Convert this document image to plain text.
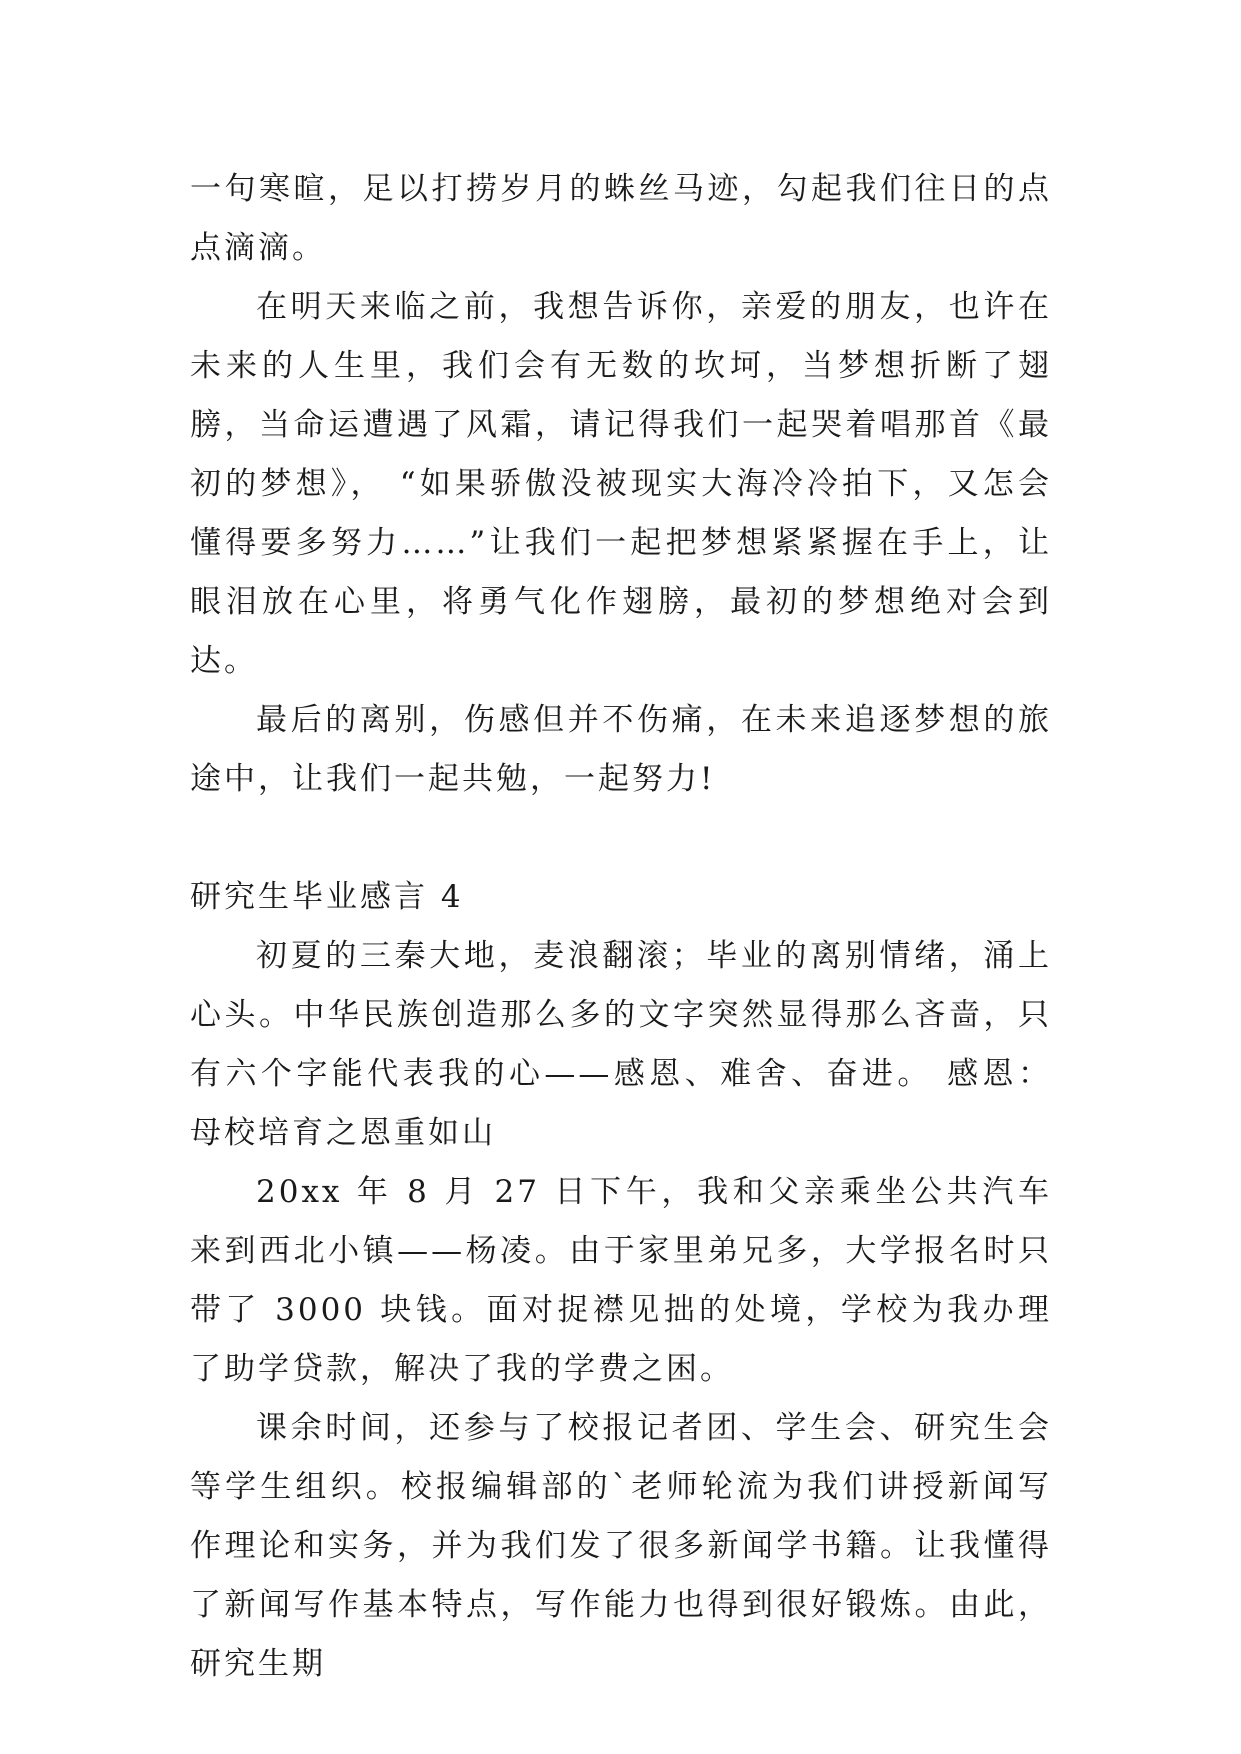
一句寒暄，足以打捞岁月的蛛丝马迹，勾起我们往日的点点滴滴。

在明天来临之前，我想告诉你，亲爱的朋友，也许在未来的人生里，我们会有无数的坎坷，当梦想折断了翅膀，当命运遭遇了风霜，请记得我们一起哭着唱那首《最初的梦想》， “如果骄傲没被现实大海冷冷拍下，又怎会懂得要多努力……”让我们一起把梦想紧紧握在手上，让眼泪放在心里，将勇气化作翅膀，最初的梦想绝对会到达。

最后的离别，伤感但并不伤痛，在未来追逐梦想的旅途中，让我们一起共勉，一起努力!

研究生毕业感言 4

初夏的三秦大地，麦浪翻滚；毕业的离别情绪，涌上心头。中华民族创造那么多的文字突然显得那么吝啬，只有六个字能代表我的心——感恩、难舍、奋进。 感恩：母校培育之恩重如山

20xx 年 8 月 27 日下午，我和父亲乘坐公共汽车来到西北小镇——杨凌。由于家里弟兄多，大学报名时只带了 3000 块钱。面对捉襟见拙的处境，学校为我办理了助学贷款，解决了我的学费之困。

课余时间，还参与了校报记者团、学生会、研究生会等学生组织。校报编辑部的`老师轮流为我们讲授新闻写作理论和实务，并为我们发了很多新闻学书籍。让我懂得了新闻写作基本特点，写作能力也得到很好锻炼。由此，研究生期
